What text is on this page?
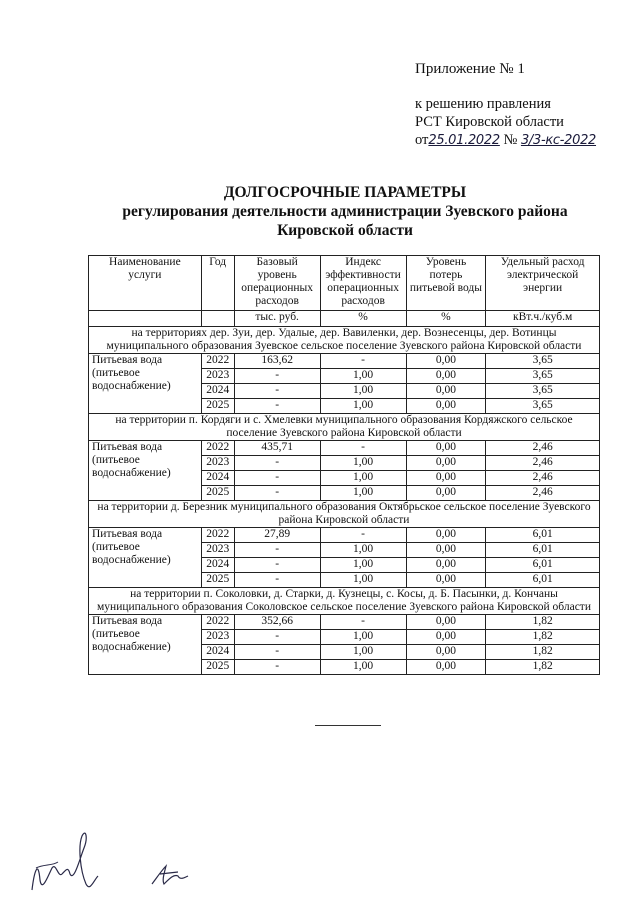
Приложение № 1
к решению правления
РСТ Кировской области
от25.01.2022 № 3/3-кс-2022
ДОЛГОСРОЧНЫЕ ПАРАМЕТРЫ
регулирования деятельности администрации Зуевского района
Кировской области
Наименование услуги	Год	Базовый уровень операционных расходов	Индекс эффективности операционных расходов	Уровень потерь питьевой воды	Удельный расход электрической энергии
		тыс. руб.	%	%	кВт.ч./куб.м
на территориях дер. Зуи, дер. Удалые, дер. Вавиленки, дер. Вознесенцы, дер. Вотинцы муниципального образования Зуевское сельское поселение Зуевского района Кировской области					
Питьевая вода (питьевое водоснабжение)	2022	163,62	-	0,00	3,65
	2023	-	1,00	0,00	3,65
	2024	-	1,00	0,00	3,65
	2025	-	1,00	0,00	3,65
на территории п. Кордяги и с. Хмелевки муниципального образования Кордяжского сельское поселение Зуевского района Кировской области					
Питьевая вода (питьевое водоснабжение)	2022	435,71	-	0,00	2,46
	2023	-	1,00	0,00	2,46
	2024	-	1,00	0,00	2,46
	2025	-	1,00	0,00	2,46
на территории д. Березник муниципального образования Октябрьское сельское поселение Зуевского района Кировской области					
Питьевая вода (питьевое водоснабжение)	2022	27,89	-	0,00	6,01
	2023	-	1,00	0,00	6,01
	2024	-	1,00	0,00	6,01
	2025	-	1,00	0,00	6,01
на территории п. Соколовки, д. Старки, д. Кузнецы, с. Косы, д. Б. Пасынки, д. Кончаны муниципального образования Соколовское сельское поселение Зуевского района Кировской области					
Питьевая вода (питьевое водоснабжение)	2022	352,66	-	0,00	1,82
	2023	-	1,00	0,00	1,82
	2024	-	1,00	0,00	1,82
	2025	-	1,00	0,00	1,82
